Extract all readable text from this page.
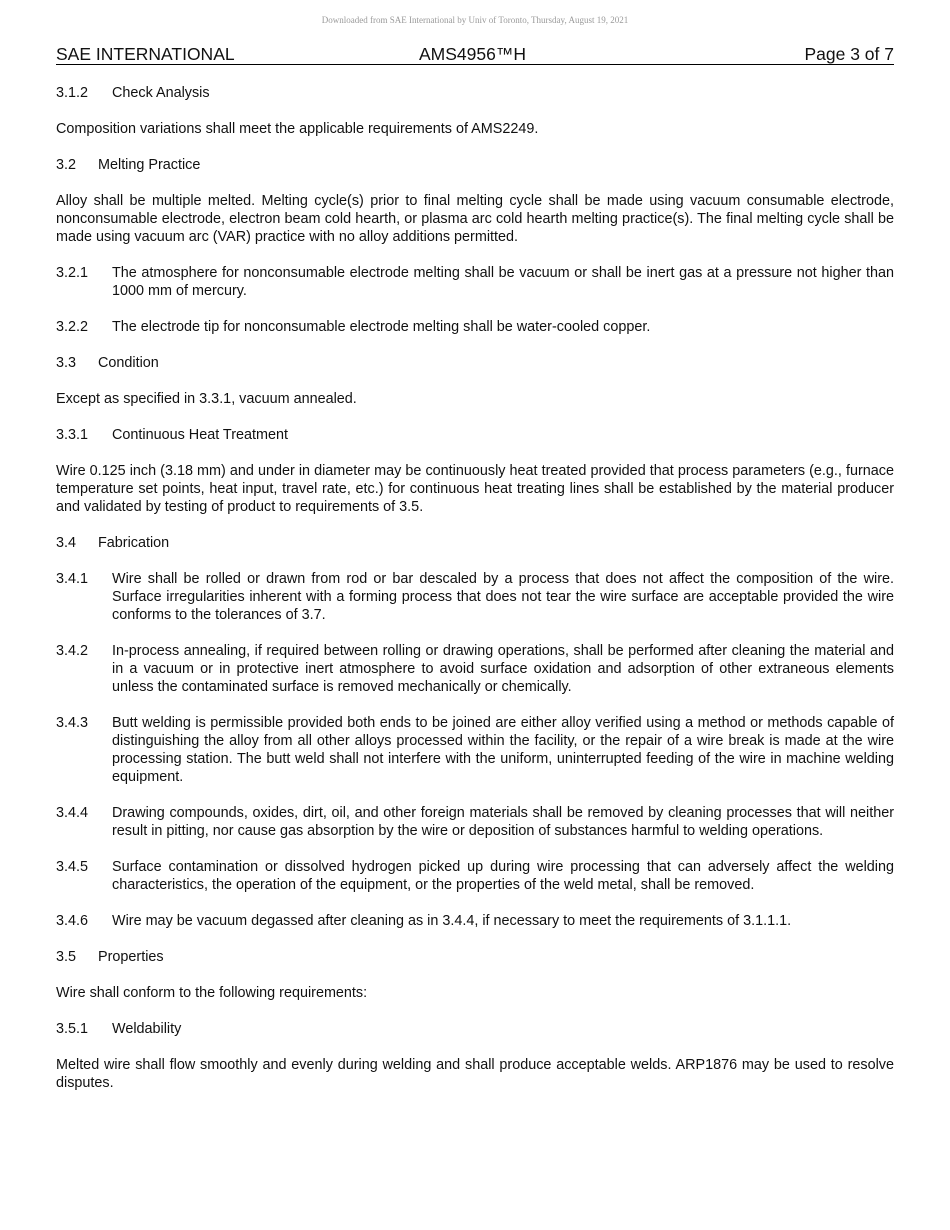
Downloaded from SAE International by Univ of Toronto, Thursday, August 19, 2021
SAE INTERNATIONAL	AMS4956™H	Page 3 of 7
3.1.2 Check Analysis

Composition variations shall meet the applicable requirements of AMS2249.

3.2 Melting Practice

Alloy shall be multiple melted. Melting cycle(s) prior to final melting cycle shall be made using vacuum consumable electrode, nonconsumable electrode, electron beam cold hearth, or plasma arc cold hearth melting practice(s). The final melting cycle shall be made using vacuum arc (VAR) practice with no alloy additions permitted.

3.2.1	The atmosphere for nonconsumable electrode melting shall be vacuum or shall be inert gas at a pressure not higher than 1000 mm of mercury.
3.2.2	The electrode tip for nonconsumable electrode melting shall be water-cooled copper.
3.3 Condition

Except as specified in 3.3.1, vacuum annealed.

3.3.1 Continuous Heat Treatment

Wire 0.125 inch (3.18 mm) and under in diameter may be continuously heat treated provided that process parameters (e.g., furnace temperature set points, heat input, travel rate, etc.) for continuous heat treating lines shall be established by the material producer and validated by testing of product to requirements of 3.5.

3.4 Fabrication
3.4.1	Wire shall be rolled or drawn from rod or bar descaled by a process that does not affect the composition of the wire. Surface irregularities inherent with a forming process that does not tear the wire surface are acceptable provided the wire conforms to the tolerances of 3.7.
3.4.2	In-process annealing, if required between rolling or drawing operations, shall be performed after cleaning the material and in a vacuum or in protective inert atmosphere to avoid surface oxidation and adsorption of other extraneous elements unless the contaminated surface is removed mechanically or chemically.
3.4.3	Butt welding is permissible provided both ends to be joined are either alloy verified using a method or methods capable of distinguishing the alloy from all other alloys processed within the facility, or the repair of a wire break is made at the wire processing station. The butt weld shall not interfere with the uniform, uninterrupted feeding of the wire in machine welding equipment.
3.4.4	Drawing compounds, oxides, dirt, oil, and other foreign materials shall be removed by cleaning processes that will neither result in pitting, nor cause gas absorption by the wire or deposition of substances harmful to welding operations.
3.4.5	Surface contamination or dissolved hydrogen picked up during wire processing that can adversely affect the welding characteristics, the operation of the equipment, or the properties of the weld metal, shall be removed.
3.4.6	Wire may be vacuum degassed after cleaning as in 3.4.4, if necessary to meet the requirements of 3.1.1.1.
3.5 Properties

Wire shall conform to the following requirements:

3.5.1 Weldability

Melted wire shall flow smoothly and evenly during welding and shall produce acceptable welds. ARP1876 may be used to resolve disputes.
